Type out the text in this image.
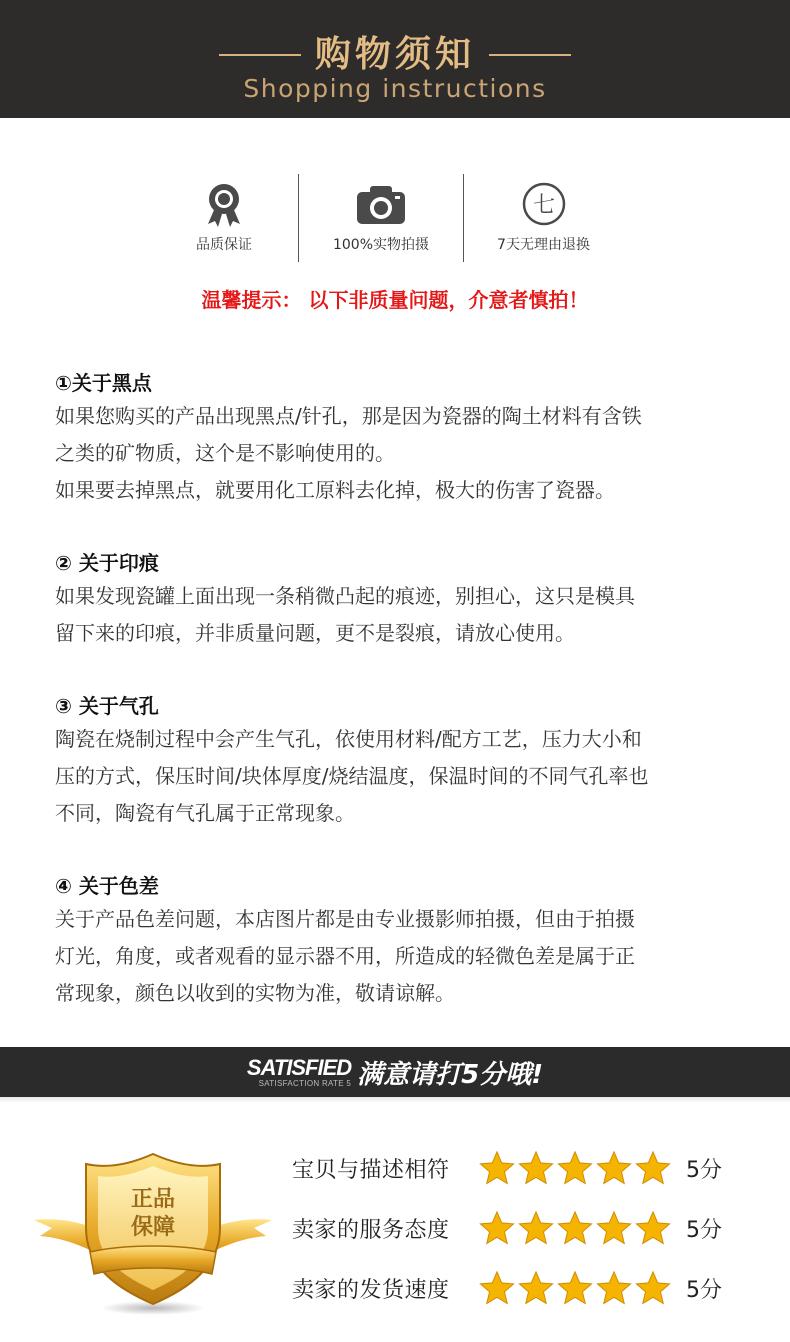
购物须知
Shopping instructions
品质保证	100%实物拍摄
七
7天无理由退换
温馨提示： 以下非质量问题，介意者慎拍！
①关于黑点
如果您购买的产品出现黑点/针孔，那是因为瓷器的陶土材料有含铁
之类的矿物质，这个是不影响使用的。
如果要去掉黑点，就要用化工原料去化掉，极大的伤害了瓷器。
② 关于印痕
如果发现瓷罐上面出现一条稍微凸起的痕迹，别担心，这只是模具
留下来的印痕，并非质量问题，更不是裂痕，请放心使用。
③ 关于气孔
陶瓷在烧制过程中会产生气孔，依使用材料/配方工艺，压力大小和
压的方式，保压时间/块体厚度/烧结温度，保温时间的不同气孔率也
不同，陶瓷有气孔属于正常现象。
④ 关于色差
关于产品色差问题，本店图片都是由专业摄影师拍摄，但由于拍摄
灯光，角度，或者观看的显示器不用，所造成的轻微色差是属于正
常现象，颜色以收到的实物为准，敬请谅解。
SATISFIED
SATISFACTION RATE 5 满意请打5分哦!
正品
保障
宝贝与描述相符	5分
卖家的服务态度	5分
卖家的发货速度	5分
